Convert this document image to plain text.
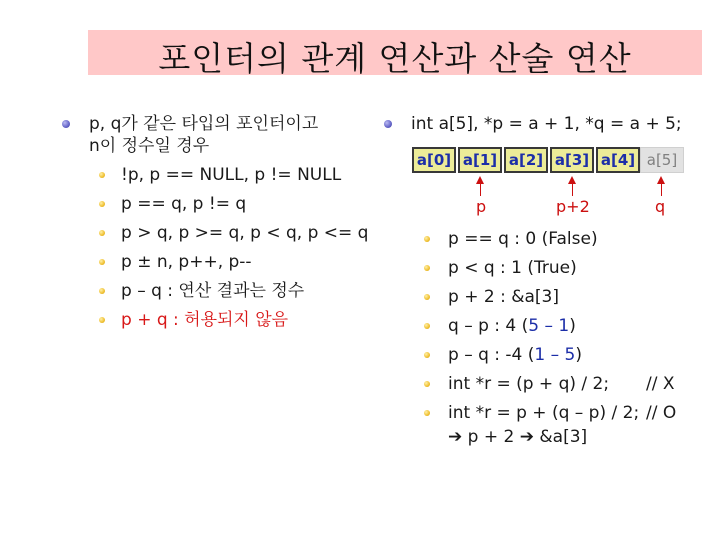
포인터의 관계 연산과 산술 연산
p, q가 같은 타입의 포인터이고
n이 정수일 경우
!p, p == NULL, p != NULL
p == q, p != q
p > q, p >= q, p < q, p <= q
p ± n, p++, p--
p – q : 연산 결과는 정수
p + q : 허용되지 않음
int a[5], *p = a + 1, *q = a + 5;
a[0] a[1] a[2] a[3] a[4] a[5]
p	p+2	q
p == q : 0 (False)
p < q : 1 (True)
p + 2 : &a[3]
q – p : 4 (5 – 1)
p – q : -4 (1 – 5)
int *r = (p + q) / 2; // X
int *r = p + (q – p) / 2; // O
➔ p + 2 ➔ &a[3]
